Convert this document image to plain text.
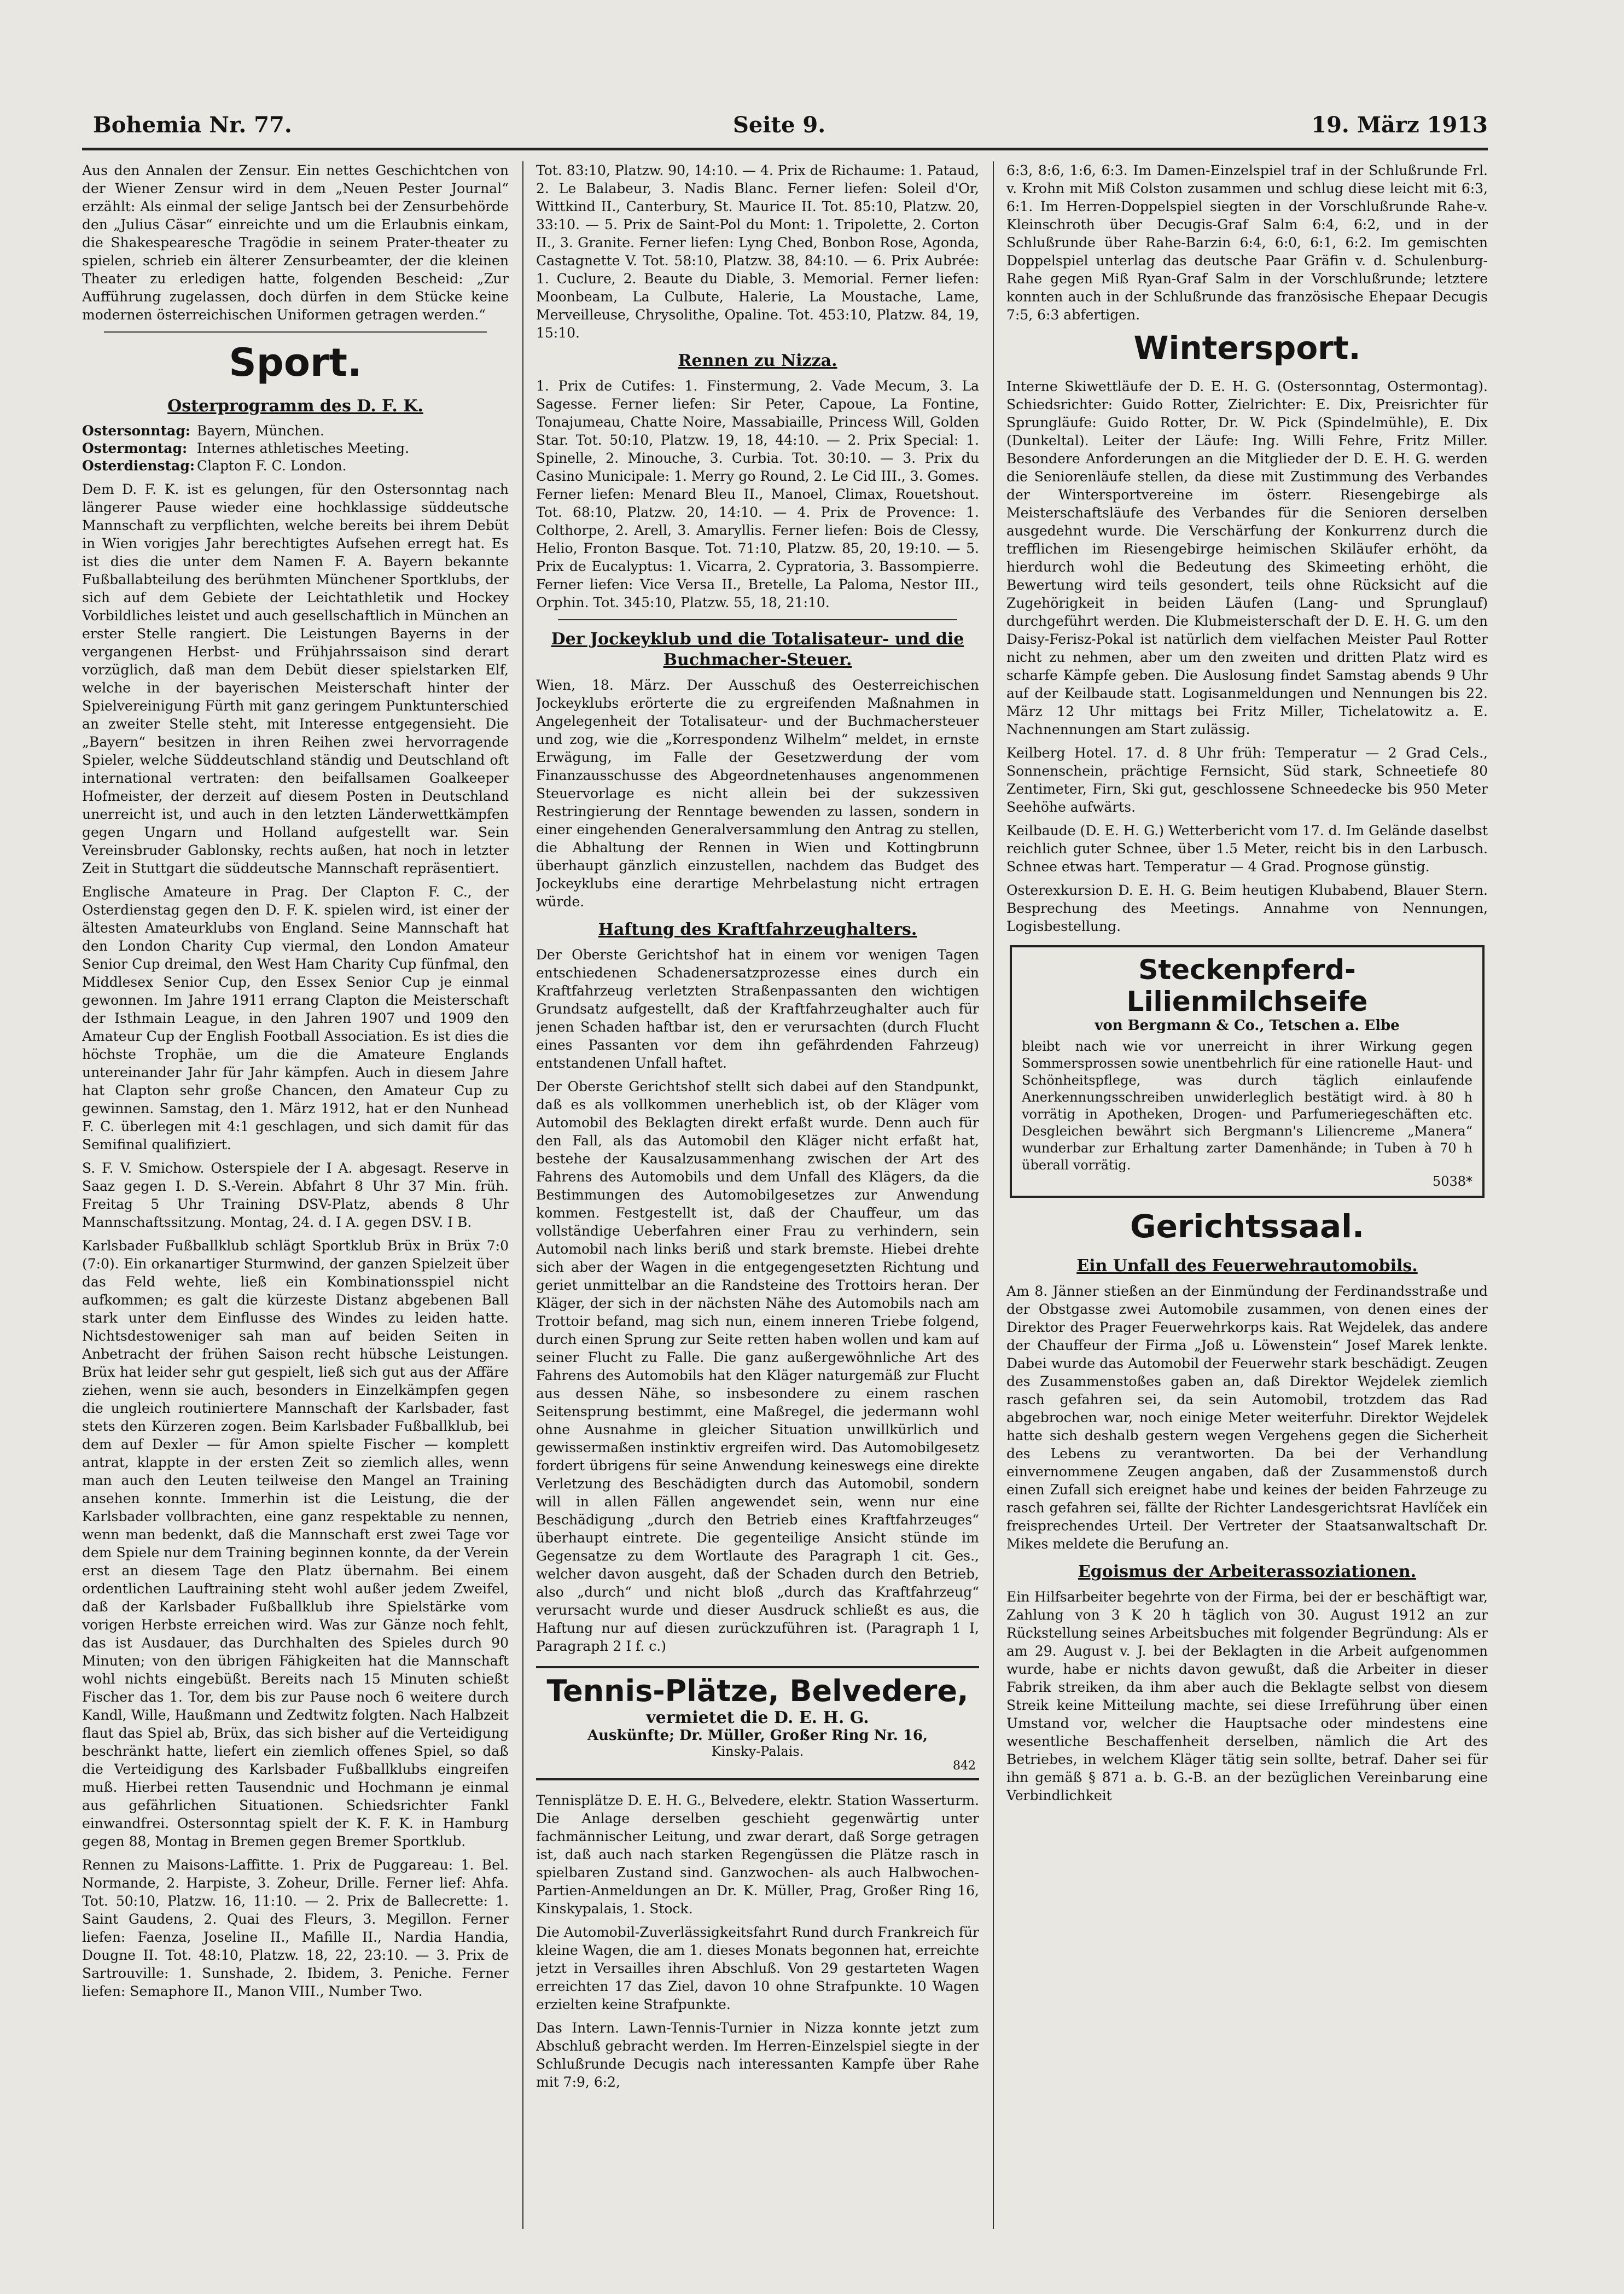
Bohemia Nr. 77.	Seite 9.	19. März 1913

Aus den Annalen der Zensur. Ein nettes Geschichtchen von der Wiener Zensur wird in dem „Neuen Pester Journal“ erzählt: Als einmal der selige Jantsch bei der Zensurbehörde den „Julius Cäsar“ einreichte und um die Erlaubnis einkam, die Shakespearesche Tragödie in seinem Prater-theater zu spielen, schrieb ein älterer Zensurbeamter, der die kleinen Theater zu erledigen hatte, folgenden Bescheid: „Zur Aufführung zugelassen, doch dürfen in dem Stücke keine modernen österreichischen Uniformen getragen werden.“

Sport.
Osterprogramm des D. F. K.
Ostersonntag: Bayern, München.
Ostermontag: Internes athletisches Meeting.
Osterdienstag: Clapton F. C. London.

Dem D. F. K. ist es gelungen, für den Ostersonntag nach längerer Pause wieder eine hochklassige süddeutsche Mannschaft zu verpflichten, welche bereits bei ihrem Debüt in Wien vorigjes Jahr berechtigtes Aufsehen erregt hat. Es ist dies die unter dem Namen F. A. Bayern bekannte Fußballabteilung des berühmten Münchener Sportklubs, der sich auf dem Gebiete der Leichtathletik und Hockey Vorbildliches leistet und auch gesellschaftlich in München an erster Stelle rangiert. Die Leistungen Bayerns in der vergangenen Herbst- und Frühjahrssaison sind derart vorzüglich, daß man dem Debüt dieser spielstarken Elf, welche in der bayerischen Meisterschaft hinter der Spielvereinigung Fürth mit ganz geringem Punktunterschied an zweiter Stelle steht, mit Interesse entgegensieht. Die „Bayern“ besitzen in ihren Reihen zwei hervorragende Spieler, welche Süddeutschland ständig und Deutschland oft international vertraten: den beifallsamen Goalkeeper Hofmeister, der derzeit auf diesem Posten in Deutschland unerreicht ist, und auch in den letzten Länderwettkämpfen gegen Ungarn und Holland aufgestellt war. Sein Vereinsbruder Gablonsky, rechts außen, hat noch in letzter Zeit in Stuttgart die süddeutsche Mannschaft repräsentiert.

Englische Amateure in Prag. Der Clapton F. C., der Osterdienstag gegen den D. F. K. spielen wird, ist einer der ältesten Amateurklubs von England. Seine Mannschaft hat den London Charity Cup viermal, den London Amateur Senior Cup dreimal, den West Ham Charity Cup fünfmal, den Middlesex Senior Cup, den Essex Senior Cup je einmal gewonnen. Im Jahre 1911 errang Clapton die Meisterschaft der Isthmain League, in den Jahren 1907 und 1909 den Amateur Cup der English Football Association. Es ist dies die höchste Trophäe, um die die Amateure Englands untereinander Jahr für Jahr kämpfen. Auch in diesem Jahre hat Clapton sehr große Chancen, den Amateur Cup zu gewinnen. Samstag, den 1. März 1912, hat er den Nunhead F. C. überlegen mit 4:1 geschlagen, und sich damit für das Semifinal qualifiziert.

S. F. V. Smichow. Osterspiele der I A. abgesagt. Reserve in Saaz gegen I. D. S.-Verein. Abfahrt 8 Uhr 37 Min. früh. Freitag 5 Uhr Training DSV-Platz, abends 8 Uhr Mannschaftssitzung. Montag, 24. d. I A. gegen DSV. I B.

Karlsbader Fußballklub schlägt Sportklub Brüx in Brüx 7:0 (7:0). Ein orkanartiger Sturmwind, der ganzen Spielzeit über das Feld wehte, ließ ein Kombinationsspiel nicht aufkommen; es galt die kürzeste Distanz abgebenen Ball stark unter dem Einflusse des Windes zu leiden hatte. Nichtsdestoweniger sah man auf beiden Seiten in Anbetracht der frühen Saison recht hübsche Leistungen. Brüx hat leider sehr gut gespielt, ließ sich gut aus der Affäre ziehen, wenn sie auch, besonders in Einzelkämpfen gegen die ungleich routiniertere Mannschaft der Karlsbader, fast stets den Kürzeren zogen. Beim Karlsbader Fußballklub, bei dem auf Dexler — für Amon spielte Fischer — komplett antrat, klappte in der ersten Zeit so ziemlich alles, wenn man auch den Leuten teilweise den Mangel an Training ansehen konnte. Immerhin ist die Leistung, die der Karlsbader vollbrachten, eine ganz respektable zu nennen, wenn man bedenkt, daß die Mannschaft erst zwei Tage vor dem Spiele nur dem Training beginnen konnte, da der Verein erst an diesem Tage den Platz übernahm. Bei einem ordentlichen Lauftraining steht wohl außer jedem Zweifel, daß der Karlsbader Fußballklub ihre Spielstärke vom vorigen Herbste erreichen wird. Was zur Gänze noch fehlt, das ist Ausdauer, das Durchhalten des Spieles durch 90 Minuten; von den übrigen Fähigkeiten hat die Mannschaft wohl nichts eingebüßt. Bereits nach 15 Minuten schießt Fischer das 1. Tor, dem bis zur Pause noch 6 weitere durch Kandl, Wille, Haußmann und Zedtwitz folgten. Nach Halbzeit flaut das Spiel ab, Brüx, das sich bisher auf die Verteidigung beschränkt hatte, liefert ein ziemlich offenes Spiel, so daß die Verteidigung des Karlsbader Fußballklubs eingreifen muß. Hierbei retten Tausendnic und Hochmann je einmal aus gefährlichen Situationen. Schiedsrichter Fankl einwandfrei. Ostersonntag spielt der K. F. K. in Hamburg gegen 88, Montag in Bremen gegen Bremer Sportklub.

Rennen zu Maisons-Laffitte. 1. Prix de Puggareau: 1. Bel. Normande, 2. Harpiste, 3. Zoheur, Drille. Ferner lief: Ahfa. Tot. 50:10, Platzw. 16, 11:10. — 2. Prix de Ballecrette: 1. Saint Gaudens, 2. Quai des Fleurs, 3. Megillon. Ferner liefen: Faenza, Joseline II., Mafille II., Nardia Handia, Dougne II. Tot. 48:10, Platzw. 18, 22, 23:10. — 3. Prix de Sartrouville: 1. Sunshade, 2. Ibidem, 3. Peniche. Ferner liefen: Semaphore II., Manon VIII., Number Two.

Tot. 83:10, Platzw. 90, 14:10. — 4. Prix de Richaume: 1. Pataud, 2. Le Balabeur, 3. Nadis Blanc. Ferner liefen: Soleil d'Or, Wittkind II., Canterbury, St. Maurice II. Tot. 85:10, Platzw. 20, 33:10. — 5. Prix de Saint-Pol du Mont: 1. Tripolette, 2. Corton II., 3. Granite. Ferner liefen: Lyng Ched, Bonbon Rose, Agonda, Castagnette V. Tot. 58:10, Platzw. 38, 84:10. — 6. Prix Aubrée: 1. Cuclure, 2. Beaute du Diable, 3. Memorial. Ferner liefen: Moonbeam, La Culbute, Halerie, La Moustache, Lame, Merveilleuse, Chrysolithe, Opaline. Tot. 453:10, Platzw. 84, 19, 15:10.

Rennen zu Nizza.

1. Prix de Cutifes: 1. Finstermung, 2. Vade Mecum, 3. La Sagesse. Ferner liefen: Sir Peter, Capoue, La Fontine, Tonajumeau, Chatte Noire, Massabiaille, Princess Will, Golden Star. Tot. 50:10, Platzw. 19, 18, 44:10. — 2. Prix Special: 1. Spinelle, 2. Minouche, 3. Curbia. Tot. 30:10. — 3. Prix du Casino Municipale: 1. Merry go Round, 2. Le Cid III., 3. Gomes. Ferner liefen: Menard Bleu II., Manoel, Climax, Rouetshout. Tot. 68:10, Platzw. 20, 14:10. — 4. Prix de Provence: 1. Colthorpe, 2. Arell, 3. Amaryllis. Ferner liefen: Bois de Clessy, Helio, Fronton Basque. Tot. 71:10, Platzw. 85, 20, 19:10. — 5. Prix de Eucalyptus: 1. Vicarra, 2. Cypratoria, 3. Bassompierre. Ferner liefen: Vice Versa II., Bretelle, La Paloma, Nestor III., Orphin. Tot. 345:10, Platzw. 55, 18, 21:10.

Der Jockeyklub und die Totalisateur- und die Buchmacher-Steuer.

Wien, 18. März. Der Ausschuß des Oesterreichischen Jockeyklubs erörterte die zu ergreifenden Maßnahmen in Angelegenheit der Totalisateur- und der Buchmachersteuer und zog, wie die „Korrespondenz Wilhelm“ meldet, in ernste Erwägung, im Falle der Gesetzwerdung der vom Finanzausschusse des Abgeordnetenhauses angenommenen Steuervorlage es nicht allein bei der sukzessiven Restringierung der Renntage bewenden zu lassen, sondern in einer eingehenden Generalversammlung den Antrag zu stellen, die Abhaltung der Rennen in Wien und Kottingbrunn überhaupt gänzlich einzustellen, nachdem das Budget des Jockeyklubs eine derartige Mehrbelastung nicht ertragen würde.

Haftung des Kraftfahrzeughalters.

Der Oberste Gerichtshof hat in einem vor wenigen Tagen entschiedenen Schadenersatzprozesse eines durch ein Kraftfahrzeug verletzten Straßenpassanten den wichtigen Grundsatz aufgestellt, daß der Kraftfahrzeughalter auch für jenen Schaden haftbar ist, den er verursachten (durch Flucht eines Passanten vor dem ihn gefährdenden Fahrzeug) entstandenen Unfall haftet.

Der Oberste Gerichtshof stellt sich dabei auf den Standpunkt, daß es als vollkommen unerheblich ist, ob der Kläger vom Automobil des Beklagten direkt erfaßt wurde. Denn auch für den Fall, als das Automobil den Kläger nicht erfaßt hat, bestehe der Kausalzusammenhang zwischen der Art des Fahrens des Automobils und dem Unfall des Klägers, da die Bestimmungen des Automobilgesetzes zur Anwendung kommen. Festgestellt ist, daß der Chauffeur, um das vollständige Ueberfahren einer Frau zu verhindern, sein Automobil nach links beriß und stark bremste. Hiebei drehte sich aber der Wagen in die entgegengesetzten Richtung und geriet unmittelbar an die Randsteine des Trottoirs heran. Der Kläger, der sich in der nächsten Nähe des Automobils nach am Trottoir befand, mag sich nun, einem inneren Triebe folgend, durch einen Sprung zur Seite retten haben wollen und kam auf seiner Flucht zu Falle. Die ganz außergewöhnliche Art des Fahrens des Automobils hat den Kläger naturgemäß zur Flucht aus dessen Nähe, so insbesondere zu einem raschen Seitensprung bestimmt, eine Maßregel, die jedermann wohl ohne Ausnahme in gleicher Situation unwillkürlich und gewissermaßen instinktiv ergreifen wird. Das Automobilgesetz fordert übrigens für seine Anwendung keineswegs eine direkte Verletzung des Beschädigten durch das Automobil, sondern will in allen Fällen angewendet sein, wenn nur eine Beschädigung „durch den Betrieb eines Kraftfahrzeuges“ überhaupt eintrete. Die gegenteilige Ansicht stünde im Gegensatze zu dem Wortlaute des Paragraph 1 cit. Ges., welcher davon ausgeht, daß der Schaden durch den Betrieb, also „durch“ und nicht bloß „durch das Kraftfahrzeug“ verursacht wurde und dieser Ausdruck schließt es aus, die Haftung nur auf diesen zurückzuführen ist. (Paragraph 1 I, Paragraph 2 I f. c.)

Tennis-Plätze, Belvedere,
vermietet die D. E. H. G.
Auskünfte; Dr. Müller, Großer Ring Nr. 16,
Kinsky-Palais.
842

Tennisplätze D. E. H. G., Belvedere, elektr. Station Wasserturm. Die Anlage derselben geschieht gegenwärtig unter fachmännischer Leitung, und zwar derart, daß Sorge getragen ist, daß auch nach starken Regengüssen die Plätze rasch in spielbaren Zustand sind. Ganzwochen- als auch Halbwochen-Partien-Anmeldungen an Dr. K. Müller, Prag, Großer Ring 16, Kinskypalais, 1. Stock.

Die Automobil-Zuverlässigkeitsfahrt Rund durch Frankreich für kleine Wagen, die am 1. dieses Monats begonnen hat, erreichte jetzt in Versailles ihren Abschluß. Von 29 gestarteten Wagen erreichten 17 das Ziel, davon 10 ohne Strafpunkte. 10 Wagen erzielten keine Strafpunkte.

Das Intern. Lawn-Tennis-Turnier in Nizza konnte jetzt zum Abschluß gebracht werden. Im Herren-Einzelspiel siegte in der Schlußrunde Decugis nach interessanten Kampfe über Rahe mit 7:9, 6:2,

6:3, 8:6, 1:6, 6:3. Im Damen-Einzelspiel traf in der Schlußrunde Frl. v. Krohn mit Miß Colston zusammen und schlug diese leicht mit 6:3, 6:1. Im Herren-Doppelspiel siegten in der Vorschlußrunde Rahe-v. Kleinschroth über Decugis-Graf Salm 6:4, 6:2, und in der Schlußrunde über Rahe-Barzin 6:4, 6:0, 6:1, 6:2. Im gemischten Doppelspiel unterlag das deutsche Paar Gräfin v. d. Schulenburg-Rahe gegen Miß Ryan-Graf Salm in der Vorschlußrunde; letztere konnten auch in der Schlußrunde das französische Ehepaar Decugis 7:5, 6:3 abfertigen.

Wintersport.

Interne Skiwettläufe der D. E. H. G. (Ostersonntag, Ostermontag). Schiedsrichter: Guido Rotter, Zielrichter: E. Dix, Preisrichter für Sprungläufe: Guido Rotter, Dr. W. Pick (Spindelmühle), E. Dix (Dunkeltal). Leiter der Läufe: Ing. Willi Fehre, Fritz Miller. Besondere Anforderungen an die Mitglieder der D. E. H. G. werden die Seniorenläufe stellen, da diese mit Zustimmung des Verbandes der Wintersportvereine im österr. Riesengebirge als Meisterschaftsläufe des Verbandes für die Senioren derselben ausgedehnt wurde. Die Verschärfung der Konkurrenz durch die trefflichen im Riesengebirge heimischen Skiläufer erhöht, da hierdurch wohl die Bedeutung des Skimeeting erhöht, die Bewertung wird teils gesondert, teils ohne Rücksicht auf die Zugehörigkeit in beiden Läufen (Lang- und Sprunglauf) durchgeführt werden. Die Klubmeisterschaft der D. E. H. G. um den Daisy-Ferisz-Pokal ist natürlich dem vielfachen Meister Paul Rotter nicht zu nehmen, aber um den zweiten und dritten Platz wird es scharfe Kämpfe geben. Die Auslosung findet Samstag abends 9 Uhr auf der Keilbaude statt. Logisanmeldungen und Nennungen bis 22. März 12 Uhr mittags bei Fritz Miller, Tichelatowitz a. E. Nachnennungen am Start zulässig.

Keilberg Hotel. 17. d. 8 Uhr früh: Temperatur — 2 Grad Cels., Sonnenschein, prächtige Fernsicht, Süd stark, Schneetiefe 80 Zentimeter, Firn, Ski gut, geschlossene Schneedecke bis 950 Meter Seehöhe aufwärts.

Keilbaude (D. E. H. G.) Wetterbericht vom 17. d. Im Gelände daselbst reichlich guter Schnee, über 1.5 Meter, reicht bis in den Larbusch. Schnee etwas hart. Temperatur — 4 Grad. Prognose günstig.

Osterexkursion D. E. H. G. Beim heutigen Klubabend, Blauer Stern. Besprechung des Meetings. Annahme von Nennungen, Logisbestellung.

Steckenpferd-Lilienmilchseife
von Bergmann & Co., Tetschen a. Elbe
bleibt nach wie vor unerreicht in ihrer Wirkung gegen Sommersprossen sowie unentbehrlich für eine rationelle Haut- und Schönheitspflege, was durch täglich einlaufende Anerkennungsschreiben unwiderleglich bestätigt wird. à 80 h vorrätig in Apotheken, Drogen- und Parfumeriegeschäften etc. Desgleichen bewährt sich Bergmann's Liliencreme „Manera“ wunderbar zur Erhaltung zarter Damenhände; in Tuben à 70 h überall vorrätig.
5038*
Gerichtssaal.
Ein Unfall des Feuerwehrautomobils.

Am 8. Jänner stießen an der Einmündung der Ferdinandsstraße und der Obstgasse zwei Automobile zusammen, von denen eines der Direktor des Prager Feuerwehrkorps kais. Rat Wejdelek, das andere der Chauffeur der Firma „Joß u. Löwenstein“ Josef Marek lenkte. Dabei wurde das Automobil der Feuerwehr stark beschädigt. Zeugen des Zusammenstoßes gaben an, daß Direktor Wejdelek ziemlich rasch gefahren sei, da sein Automobil, trotzdem das Rad abgebrochen war, noch einige Meter weiterfuhr. Direktor Wejdelek hatte sich deshalb gestern wegen Vergehens gegen die Sicherheit des Lebens zu verantworten. Da bei der Verhandlung einvernommene Zeugen angaben, daß der Zusammenstoß durch einen Zufall sich ereignet habe und keines der beiden Fahrzeuge zu rasch gefahren sei, fällte der Richter Landesgerichtsrat Havlíček ein freisprechendes Urteil. Der Vertreter der Staatsanwaltschaft Dr. Mikes meldete die Berufung an.

Egoismus der Arbeiterassoziationen.

Ein Hilfsarbeiter begehrte von der Firma, bei der er beschäftigt war, Zahlung von 3 K 20 h täglich von 30. August 1912 an zur Rückstellung seines Arbeitsbuches mit folgender Begründung: Als er am 29. August v. J. bei der Beklagten in die Arbeit aufgenommen wurde, habe er nichts davon gewußt, daß die Arbeiter in dieser Fabrik streiken, da ihm aber auch die Beklagte selbst von diesem Streik keine Mitteilung machte, sei diese Irreführung über einen Umstand vor, welcher die Hauptsache oder mindestens eine wesentliche Beschaffenheit derselben, nämlich die Art des Betriebes, in welchem Kläger tätig sein sollte, betraf. Daher sei für ihn gemäß § 871 a. b. G.-B. an der bezüglichen Vereinbarung eine Verbindlichkeit
